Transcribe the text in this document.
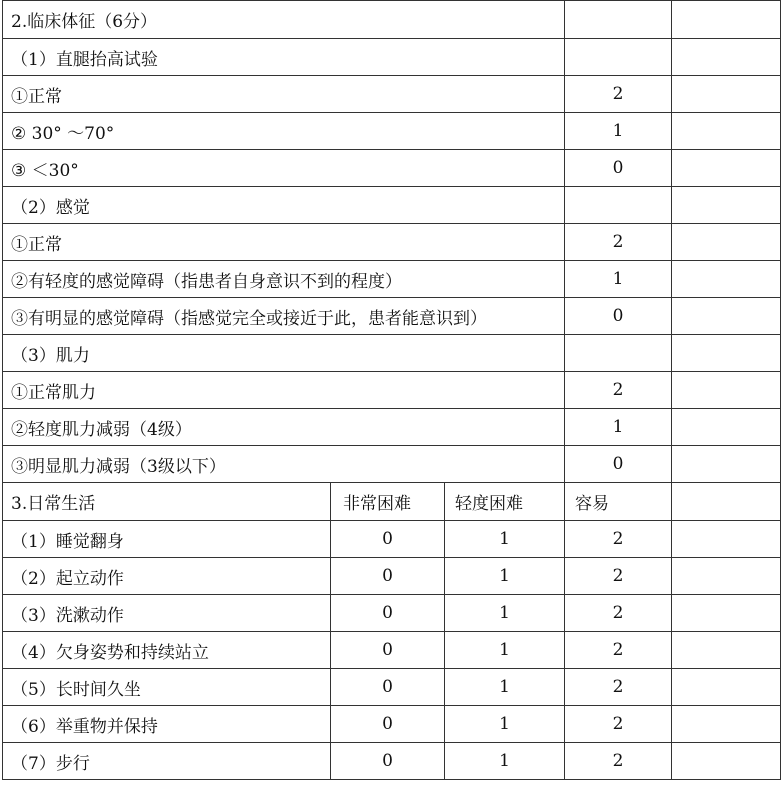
2.临床体征（6分）				
（1）直腿抬高试验				
①正常			2	
② 30° ～70°			1	
③ ＜30°			0	
（2）感觉				
①正常			2	
②有轻度的感觉障碍（指患者自身意识不到的程度）			1	
③有明显的感觉障碍（指感觉完全或接近于此，患者能意识到）			0	
（3）肌力				
①正常肌力			2	
②轻度肌力减弱（4级）			1	
③明显肌力减弱（3级以下）			0	
3.日常生活	非常困难	轻度困难	容易	
（1）睡觉翻身	0	1	2	
（2）起立动作	0	1	2	
（3）洗漱动作	0	1	2	
（4）欠身姿势和持续站立	0	1	2	
（5）长时间久坐	0	1	2	
（6）举重物并保持	0	1	2	
（7）步行	0	1	2	
